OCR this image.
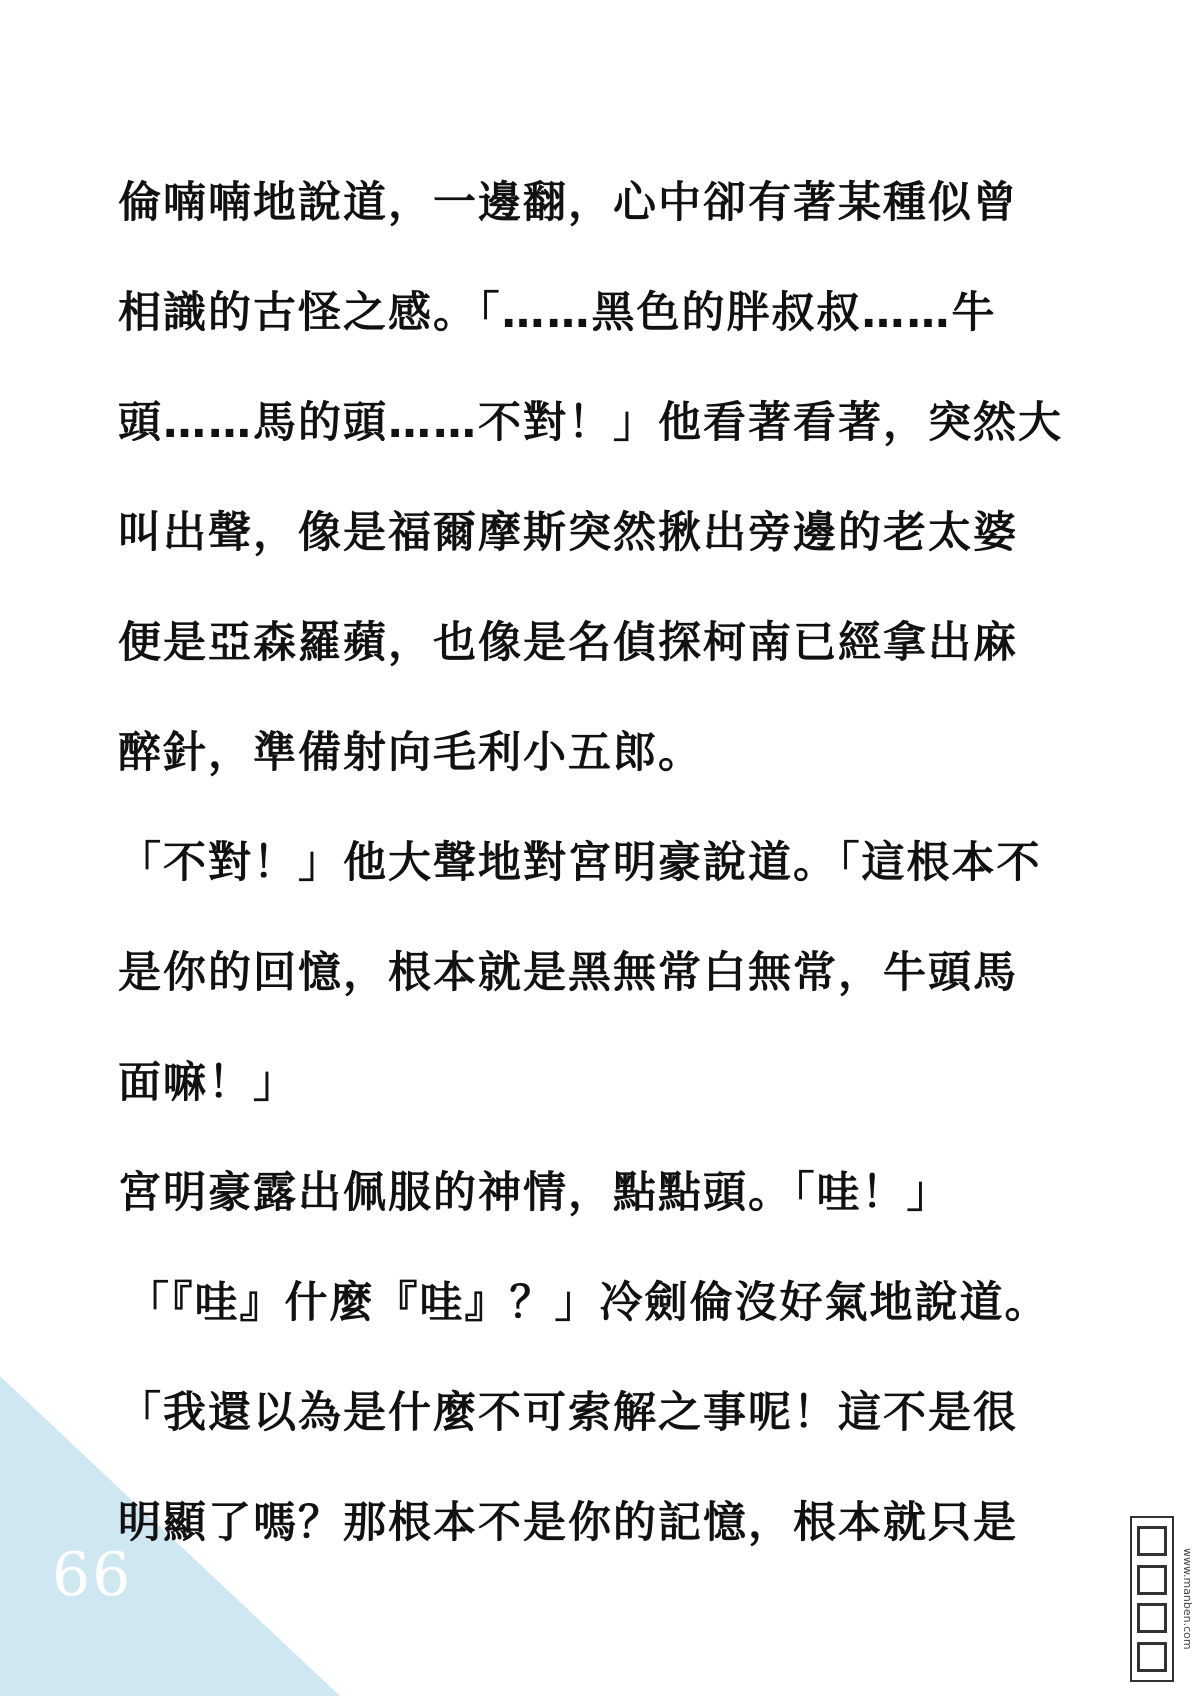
66
倫喃喃地說道，一邊翻，心中卻有著某種似曾
相識的古怪之感。「……黑色的胖叔叔……牛
頭……馬的頭……不對！」他看著看著，突然大
叫出聲，像是福爾摩斯突然揪出旁邊的老太婆
便是亞森羅蘋，也像是名偵探柯南已經拿出麻
醉針，準備射向毛利小五郎。
「不對！」他大聲地對宮明豪說道。「這根本不
是你的回憶，根本就是黑無常白無常，牛頭馬
面嘛！」
宮明豪露出佩服的神情，點點頭。「哇！」
「『哇』什麼『哇』？」冷劍倫沒好氣地說道。
「我還以為是什麼不可索解之事呢！這不是很
明顯了嗎？那根本不是你的記憶，根本就只是
www.manben.com
